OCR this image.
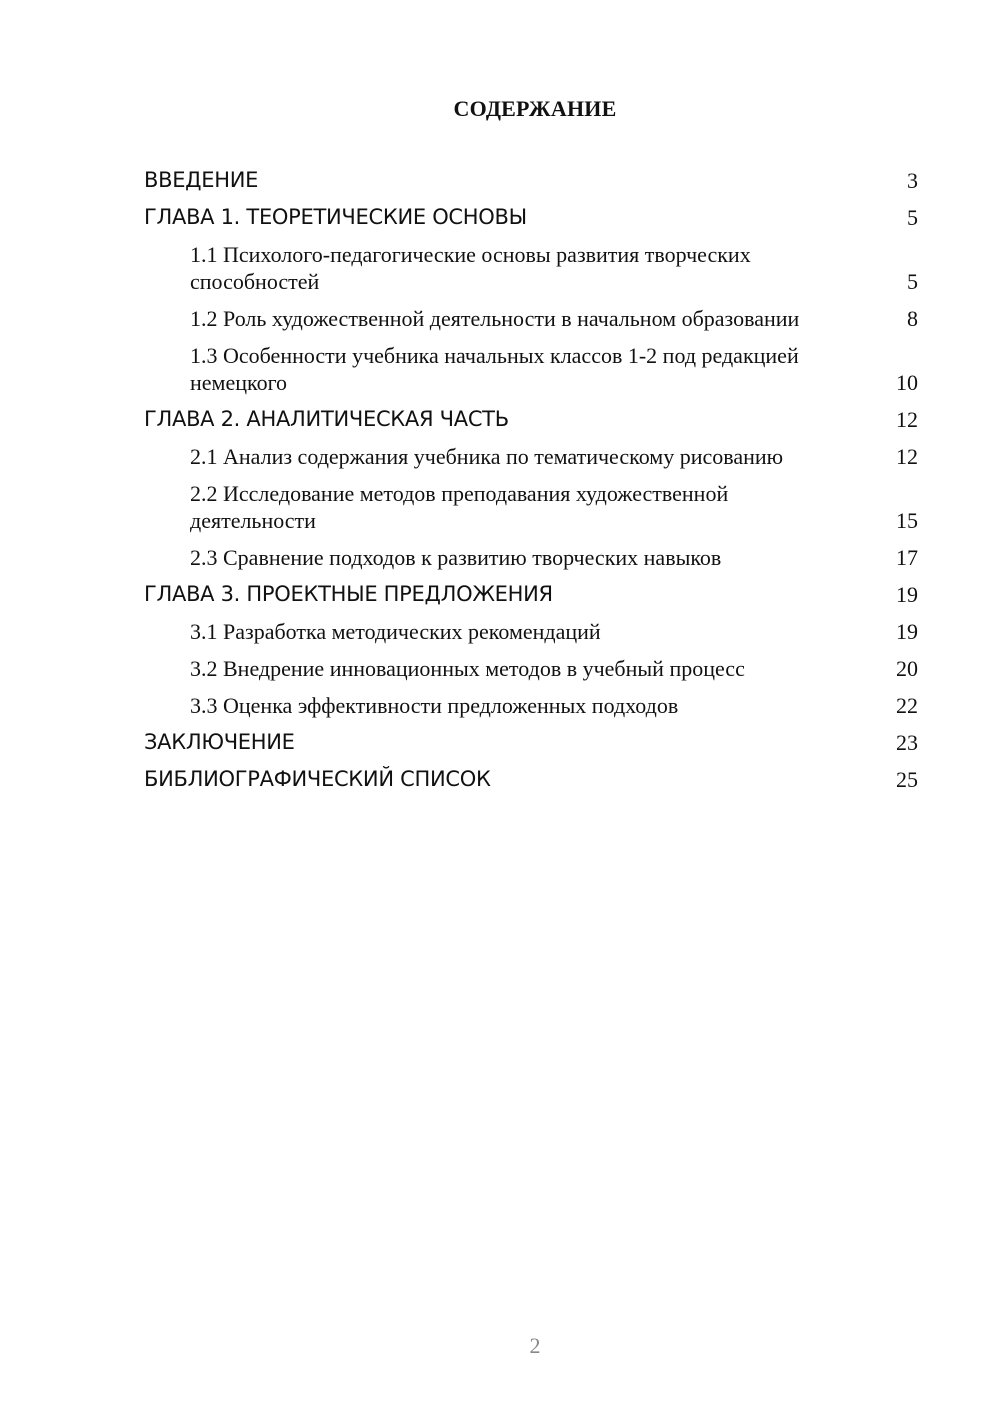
СОДЕРЖАНИЕ
ВВЕДЕНИЕ	3
ГЛАВА 1. ТЕОРЕТИЧЕСКИЕ ОСНОВЫ	5
1.1 Психолого-педагогические основы развития творческих способностей	5
1.2 Роль художественной деятельности в начальном образовании	8
1.3 Особенности учебника начальных классов 1-2 под редакцией немецкого	10
ГЛАВА 2. АНАЛИТИЧЕСКАЯ ЧАСТЬ	12
2.1 Анализ содержания учебника по тематическому рисованию	12
2.2 Исследование методов преподавания художественной деятельности	15
2.3 Сравнение подходов к развитию творческих навыков	17
ГЛАВА 3. ПРОЕКТНЫЕ ПРЕДЛОЖЕНИЯ	19
3.1 Разработка методических рекомендаций	19
3.2 Внедрение инновационных методов в учебный процесс	20
3.3 Оценка эффективности предложенных подходов	22
ЗАКЛЮЧЕНИЕ	23
БИБЛИОГРАФИЧЕСКИЙ СПИСОК	25
2
